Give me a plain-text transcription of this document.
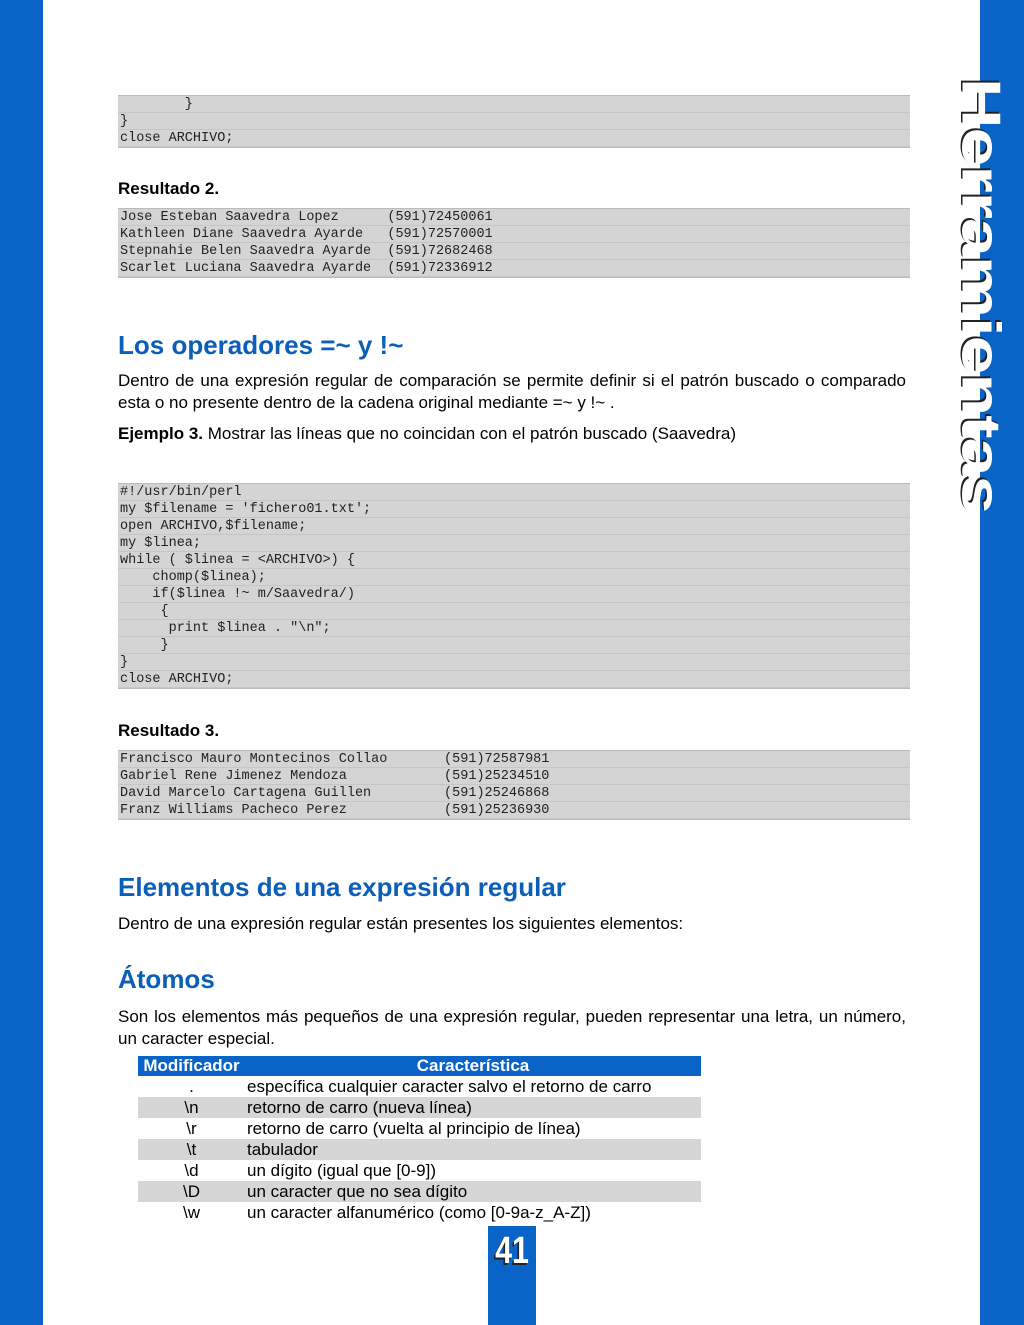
Herramientas
}
}
close ARCHIVO;
Resultado 2.
Jose Esteban Saavedra Lopez      (591)72450061
Kathleen Diane Saavedra Ayarde   (591)72570001
Stepnahie Belen Saavedra Ayarde  (591)72682468
Scarlet Luciana Saavedra Ayarde  (591)72336912
Los operadores =~ y !~

Dentro de una expresión regular de comparación se permite definir si el patrón buscado o comparado esta o no presente dentro de la cadena original mediante =~ y !~ .

Ejemplo 3. Mostrar las líneas que no coincidan con el patrón buscado (Saavedra)

#!/usr/bin/perl
my $filename = 'fichero01.txt';
open ARCHIVO,$filename;
my $linea;
while ( $linea = <ARCHIVO>) {
chomp($linea);
if($linea !~ m/Saavedra/)
{
print $linea . "\n";
}
}
close ARCHIVO;
Resultado 3.
Francisco Mauro Montecinos Collao       (591)72587981
Gabriel Rene Jimenez Mendoza            (591)25234510
David Marcelo Cartagena Guillen         (591)25246868
Franz Williams Pacheco Perez            (591)25236930
Elementos de una expresión regular

Dentro de una expresión regular están presentes los siguientes elementos:

Átomos

Son los elementos más pequeños de una expresión regular, pueden representar una letra, un número, un caracter especial.

Modificador	Característica
.	específica cualquier caracter salvo el retorno de carro
\n	retorno de carro (nueva línea)
\r	retorno de carro (vuelta al principio de línea)
\t	tabulador
\d	un dígito (igual que [0-9])
\D	un caracter que no sea dígito
\w	un caracter alfanumérico (como [0-9a-z_A-Z])
41
